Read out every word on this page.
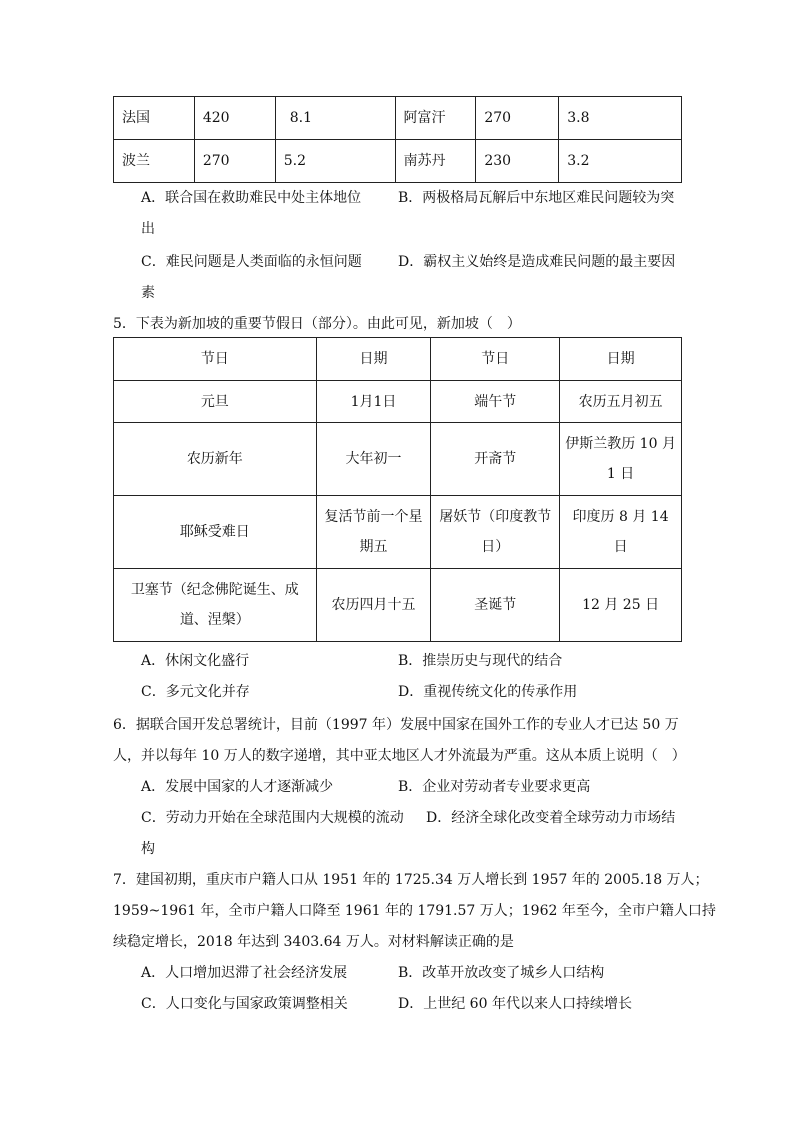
法国	420	8.1	阿富汗	270	3.8
波兰	270	5.2	南苏丹	230	3.2
A．联合国在救助难民中处主体地位	B．两极格局瓦解后中东地区难民问题较为突
出
C．难民问题是人类面临的永恒问题	D．霸权主义始终是造成难民问题的最主要因
素
5．下表为新加坡的重要节假日（部分）。由此可见，新加坡（　）
节日	日期	节日	日期
元旦	1月1日	端午节	农历五月初五
农历新年	大年初一	开斋节	伊斯兰教历 10 月 1 日
耶稣受难日	复活节前一个星期五	屠妖节（印度教节日）	印度历 8 月 14 日
卫塞节（纪念佛陀诞生、成道、涅槃）	农历四月十五	圣诞节	12 月 25 日
A．休闲文化盛行	B．推崇历史与现代的结合
C．多元文化并存	D．重视传统文化的传承作用
6．据联合国开发总署统计，目前（1997 年）发展中国家在国外工作的专业人才已达 50 万
人，并以每年 10 万人的数字递增，其中亚太地区人才外流最为严重。这从本质上说明（　）
A．发展中国家的人才逐渐减少	B．企业对劳动者专业要求更高
C．劳动力开始在全球范围内大规模的流动 D．经济全球化改变着全球劳动力市场结
构
7．建国初期，重庆市户籍人口从 1951 年的 1725.34 万人增长到 1957 年的 2005.18 万人；
1959~1961 年，全市户籍人口降至 1961 年的 1791.57 万人；1962 年至今，全市户籍人口持
续稳定增长，2018 年达到 3403.64 万人。对材料解读正确的是
A．人口增加迟滞了社会经济发展	B．改革开放改变了城乡人口结构
C．人口变化与国家政策调整相关	D．上世纪 60 年代以来人口持续增长
